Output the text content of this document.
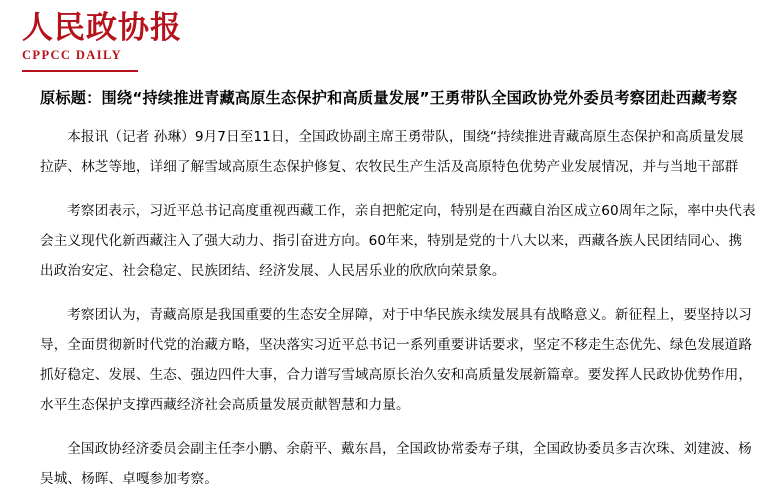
人民政协报
CPPCC DAILY
原标题：围绕“持续推进青藏高原生态保护和高质量发展”王勇带队全国政协党外委员考察团赴西藏考察

本报讯（记者 孙琳）9月7日至11日，全国政协副主席王勇带队，围绕“持续推进青藏高原生态保护和高质量发展
拉萨、林芝等地，详细了解雪域高原生态保护修复、农牧民生产生活及高原特色优势产业发展情况，并与当地干部群

考察团表示，习近平总书记高度重视西藏工作，亲自把舵定向，特别是在西藏自治区成立60周年之际，率中央代表
会主义现代化新西藏注入了强大动力、指引奋进方向。60年来，特别是党的十八大以来，西藏各族人民团结同心、携
出政治安定、社会稳定、民族团结、经济发展、人民居乐业的欣欣向荣景象。

考察团认为，青藏高原是我国重要的生态安全屏障，对于中华民族永续发展具有战略意义。新征程上，要坚持以习
导，全面贯彻新时代党的治藏方略，坚决落实习近平总书记一系列重要讲话要求，坚定不移走生态优先、绿色发展道路
抓好稳定、发展、生态、强边四件大事，合力谱写雪域高原长治久安和高质量发展新篇章。要发挥人民政协优势作用，
水平生态保护支撑西藏经济社会高质量发展贡献智慧和力量。

全国政协经济委员会副主任李小鹏、余蔚平、戴东昌，全国政协常委寿子琪，全国政协委员多吉次珠、刘建波、杨
吴城、杨晖、卓嘎参加考察。
